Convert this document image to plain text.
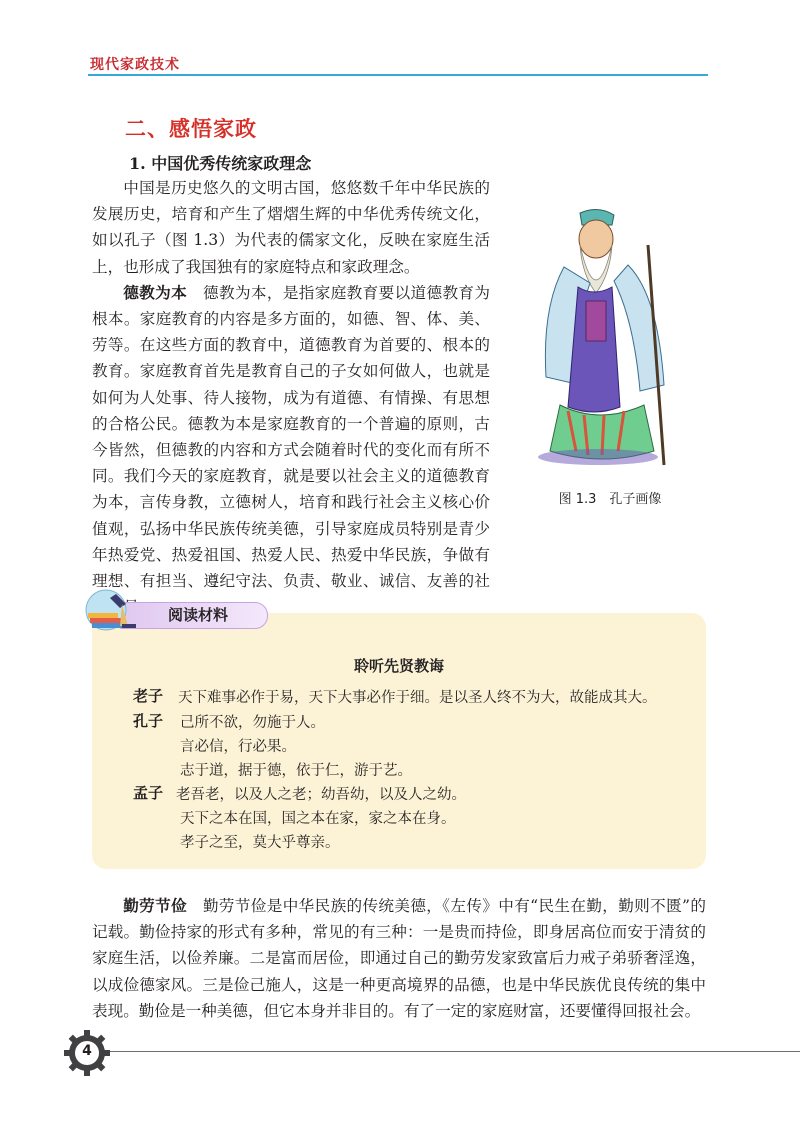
现代家政技术
二、感悟家政
1. 中国优秀传统家政理念

中国是历史悠久的文明古国，悠悠数千年中华民族的发展历史，培育和产生了熠熠生辉的中华优秀传统文化，如以孔子（图 1.3）为代表的儒家文化，反映在家庭生活上，也形成了我国独有的家庭特点和家政理念。

德教为本　 德教为本，是指家庭教育要以道德教育为根本。家庭教育的内容是多方面的，如德、智、体、美、劳等。在这些方面的教育中，道德教育为首要的、根本的教育。家庭教育首先是教育自己的子女如何做人，也就是如何为人处事、待人接物，成为有道德、有情操、有思想的合格公民。德教为本是家庭教育的一个普遍的原则，古今皆然，但德教的内容和方式会随着时代的变化而有所不同。我们今天的家庭教育，就是要以社会主义的道德教育为本，言传身教，立德树人，培育和践行社会主义核心价值观，弘扬中华民族传统美德，引导家庭成员特别是青少年热爱党、热爱祖国、热爱人民、热爱中华民族，争做有理想、有担当、遵纪守法、负责、敬业、诚信、友善的社

图 1.3　孔子画像
阅读材料
聆听先贤教诲
老子 天下难事必作于易，天下大事必作于细。是以圣人终不为大，故能成其大。
孔子 己所不欲，勿施于人。
言必信，行必果。
志于道，据于德，依于仁，游于艺。
孟子 老吾老，以及人之老；幼吾幼，以及人之幼。
天下之本在国，国之本在家，家之本在身。
孝子之至，莫大乎尊亲。

勤劳节俭　 勤劳节俭是中华民族的传统美德，《左传》中有“民生在勤，勤则不匮”的记载。勤俭持家的形式有多种，常见的有三种：一是贵而持俭，即身居高位而安于清贫的家庭生活，以俭养廉。二是富而居俭，即通过自己的勤劳发家致富后力戒子弟骄奢淫逸，以成俭德家风。三是俭己施人，这是一种更高境界的品德，也是中华民族优良传统的集中表现。勤俭是一种美德，但它本身并非目的。有了一定的家庭财富，还要懂得回报社会。

4
